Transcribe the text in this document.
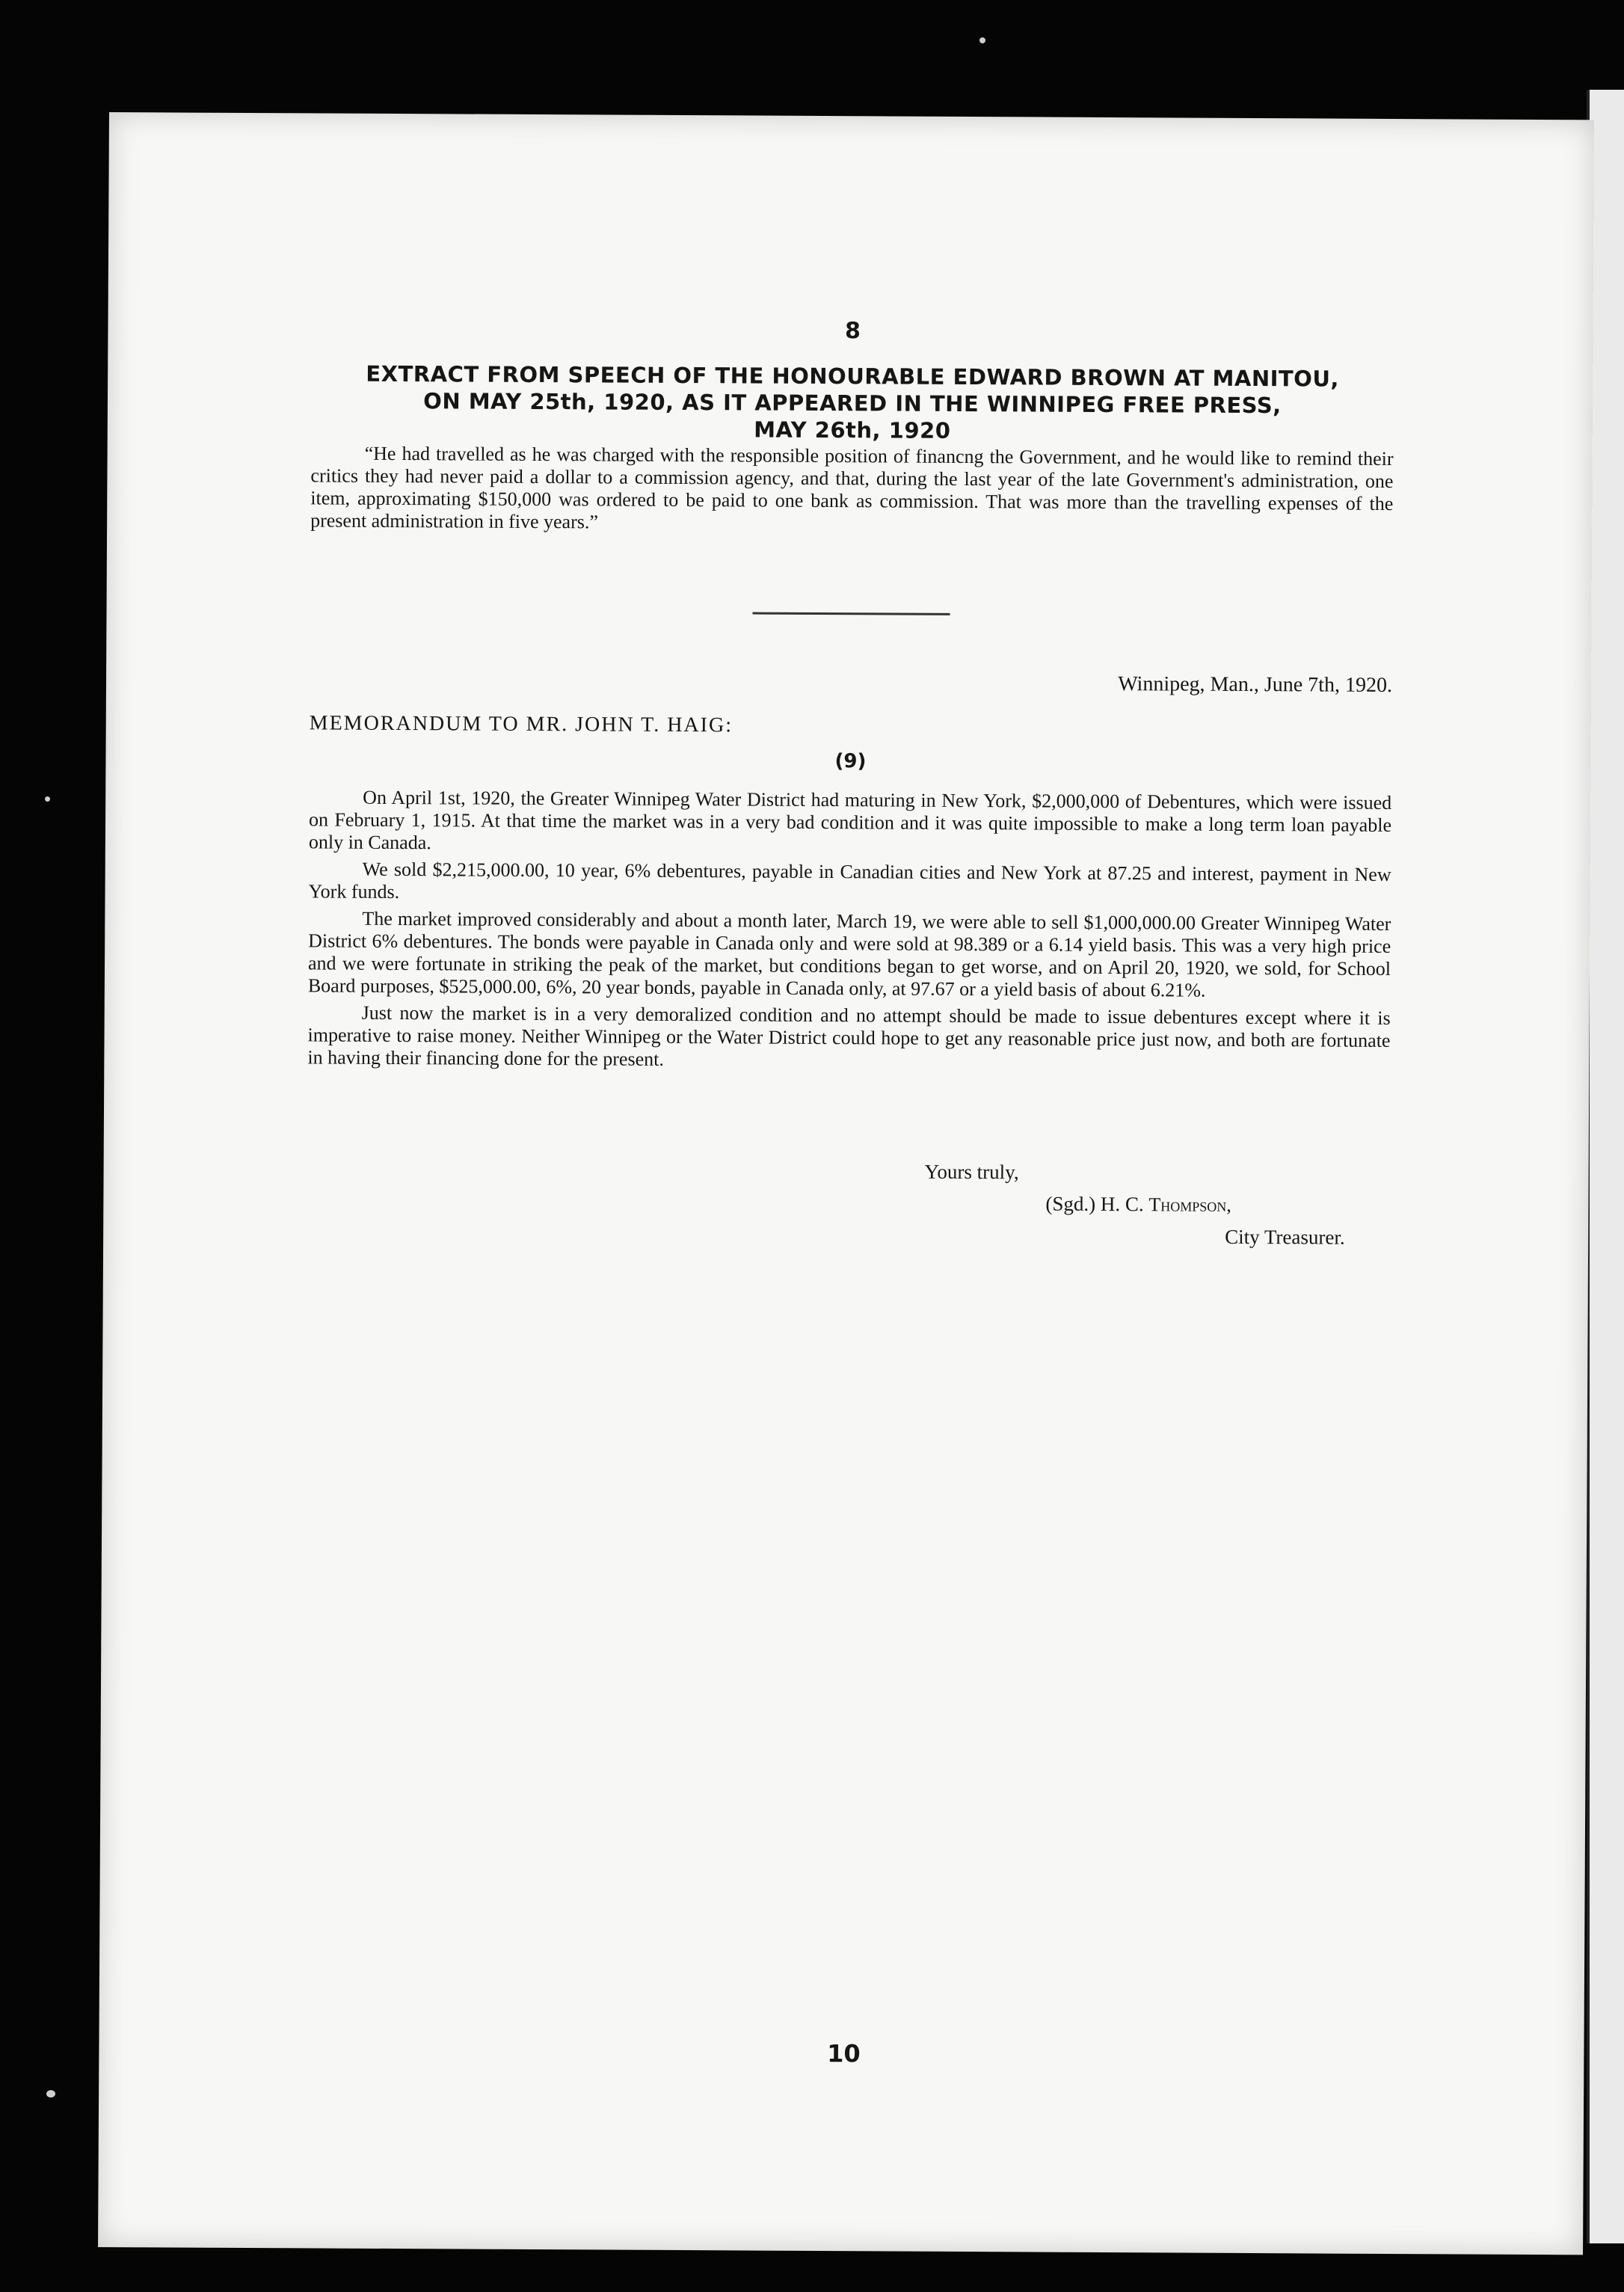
8
EXTRACT FROM SPEECH OF THE HONOURABLE EDWARD BROWN AT MANITOU,
ON MAY 25th, 1920, AS IT APPEARED IN THE WINNIPEG FREE PRESS,
MAY 26th, 1920
“He had travelled as he was charged with the responsible position of financng the Government, and he would like to remind their critics they had never paid a dollar to a commission agency, and that, during the last year of the late Government's administration, one item, approximating $150,000 was ordered to be paid to one bank as commission. That was more than the travelling expenses of the present administration in five years.”
Winnipeg, Man., June 7th, 1920.
MEMORANDUM TO MR. JOHN T. HAIG:
(9)

On April 1st, 1920, the Greater Winnipeg Water District had maturing in New York, $2,000,000 of Debentures, which were issued on February 1, 1915. At that time the market was in a very bad condition and it was quite impossible to make a long term loan payable only in Canada.

We sold $2,215,000.00, 10 year, 6% debentures, payable in Canadian cities and New York at 87.25 and interest, payment in New York funds.

The market improved considerably and about a month later, March 19, we were able to sell $1,000,000.00 Greater Winnipeg Water District 6% debentures. The bonds were payable in Canada only and were sold at 98.389 or a 6.14 yield basis. This was a very high price and we were fortunate in striking the peak of the market, but conditions began to get worse, and on April 20, 1920, we sold, for School Board purposes, $525,000.00, 6%, 20 year bonds, payable in Canada only, at 97.67 or a yield basis of about 6.21%.

Just now the market is in a very demoralized condition and no attempt should be made to issue debentures except where it is imperative to raise money. Neither Winnipeg or the Water District could hope to get any reasonable price just now, and both are fortunate in having their financing done for the present.

Yours truly,
(Sgd.) H. C. Thompson,
City Treasurer.
10
